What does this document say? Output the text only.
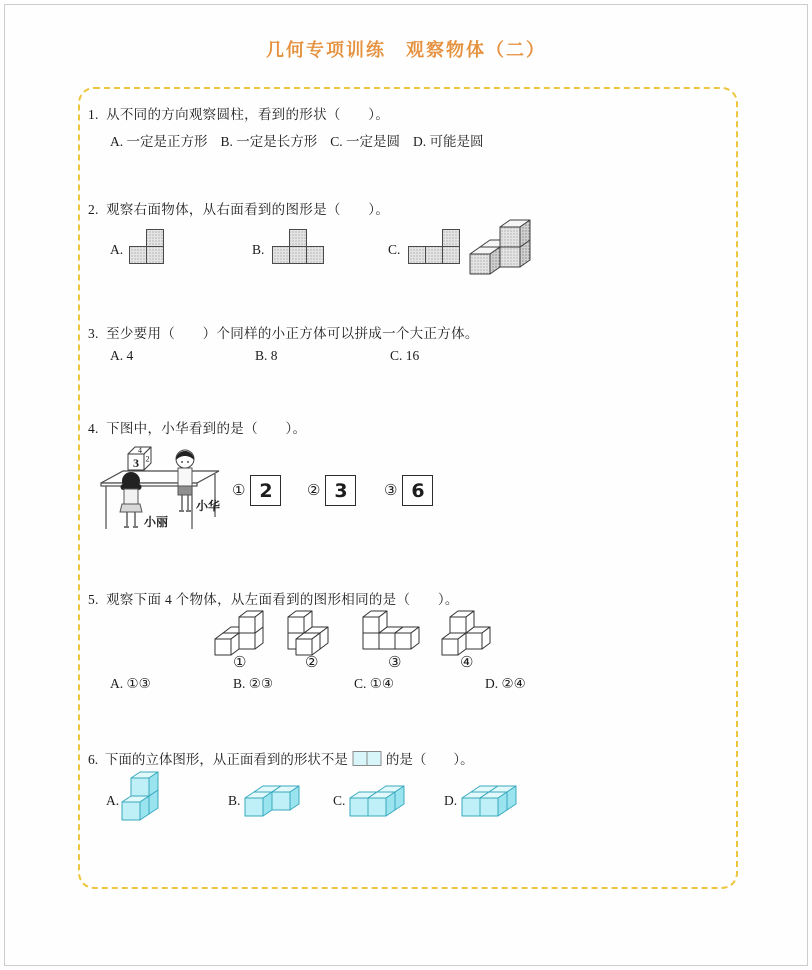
几何专项训练　观察物体（二）
1.  从不同的方向观察圆柱，看到的形状（　　）。
A. 一定是正方形 B. 一定是长方形 C. 一定是圆 D. 可能是圆
2.  观察右面物体，从右面看到的图形是（　　）。
A.	B.	C.
3.  至少要用（　　）个同样的小正方体可以拼成一个大正方体。
A. 4	B. 8	C. 16
4.  下图中，小华看到的是（　　）。
3
4
2
小丽
小华
① 2	② 3	③ 6
5.  观察下面 4 个物体，从左面看到的图形相同的是（　　）。
①	②	③	④
A. ①③	B. ②③	C. ①④	D. ②④
6.  下面的立体图形，从正面看到的形状不是	的是（　　）。
A.	B.	C.	D.
